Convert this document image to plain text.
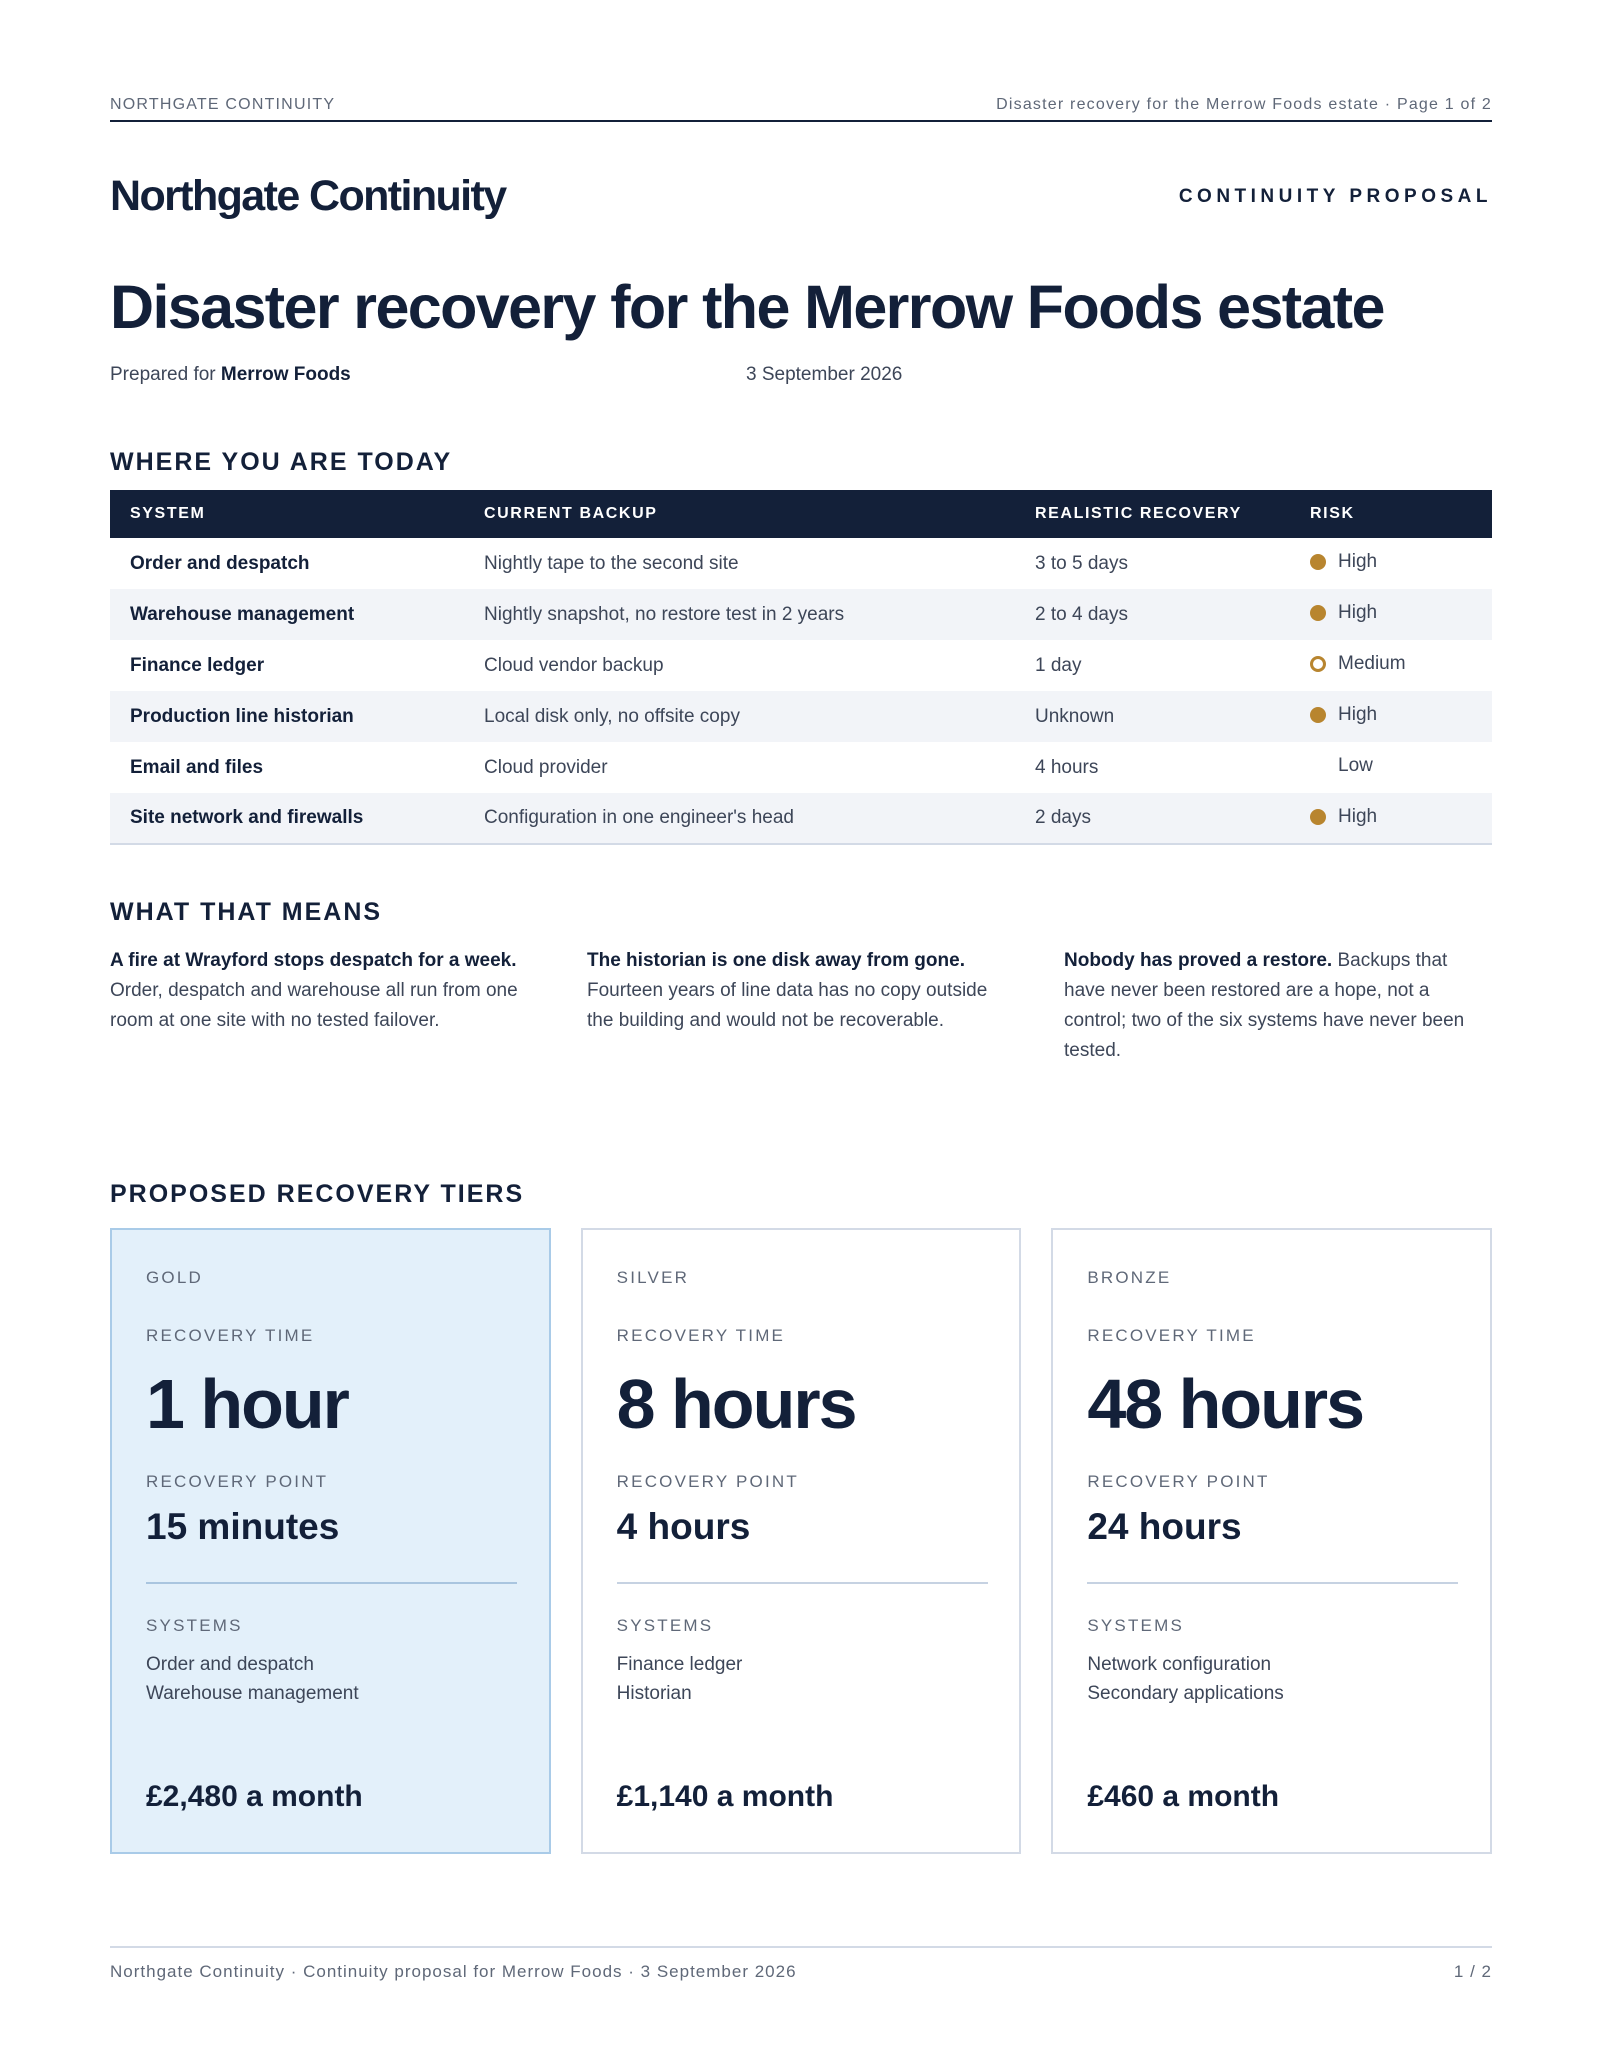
NORTHGATE CONTINUITY	Disaster recovery for the Merrow Foods estate · Page 1 of 2
Northgate Continuity	CONTINUITY PROPOSAL
Disaster recovery for the Merrow Foods estate
Prepared for Merrow Foods	3 September 2026
WHERE YOU ARE TODAY
SYSTEM	CURRENT BACKUP	REALISTIC RECOVERY	RISK
Order and despatch	Nightly tape to the second site	3 to 5 days	High

Warehouse management	Nightly snapshot, no restore test in 2 years	2 to 4 days	High

Finance ledger	Cloud vendor backup	1 day	Medium

Production line historian	Local disk only, no offsite copy	Unknown	High

Email and files	Cloud provider	4 hours	Low

Site network and firewalls	Configuration in one engineer's head	2 days	High
WHAT THAT MEANS

A fire at Wrayford stops despatch for a week. Order, despatch and warehouse all run from one room at one site with no tested failover.

The historian is one disk away from gone. Fourteen years of line data has no copy outside the building and would not be recoverable.

Nobody has proved a restore. Backups that have never been restored are a hope, not a control; two of the six systems have never been tested.

PROPOSED RECOVERY TIERS
GOLD
RECOVERY TIME
1 hour
RECOVERY POINT
15 minutes
SYSTEMS
Order and despatch
Warehouse management
£2,480 a month
SILVER
RECOVERY TIME
8 hours
RECOVERY POINT
4 hours
SYSTEMS
Finance ledger
Historian
£1,140 a month
BRONZE
RECOVERY TIME
48 hours
RECOVERY POINT
24 hours
SYSTEMS
Network configuration
Secondary applications
£460 a month
Northgate Continuity · Continuity proposal for Merrow Foods · 3 September 2026	1 / 2
